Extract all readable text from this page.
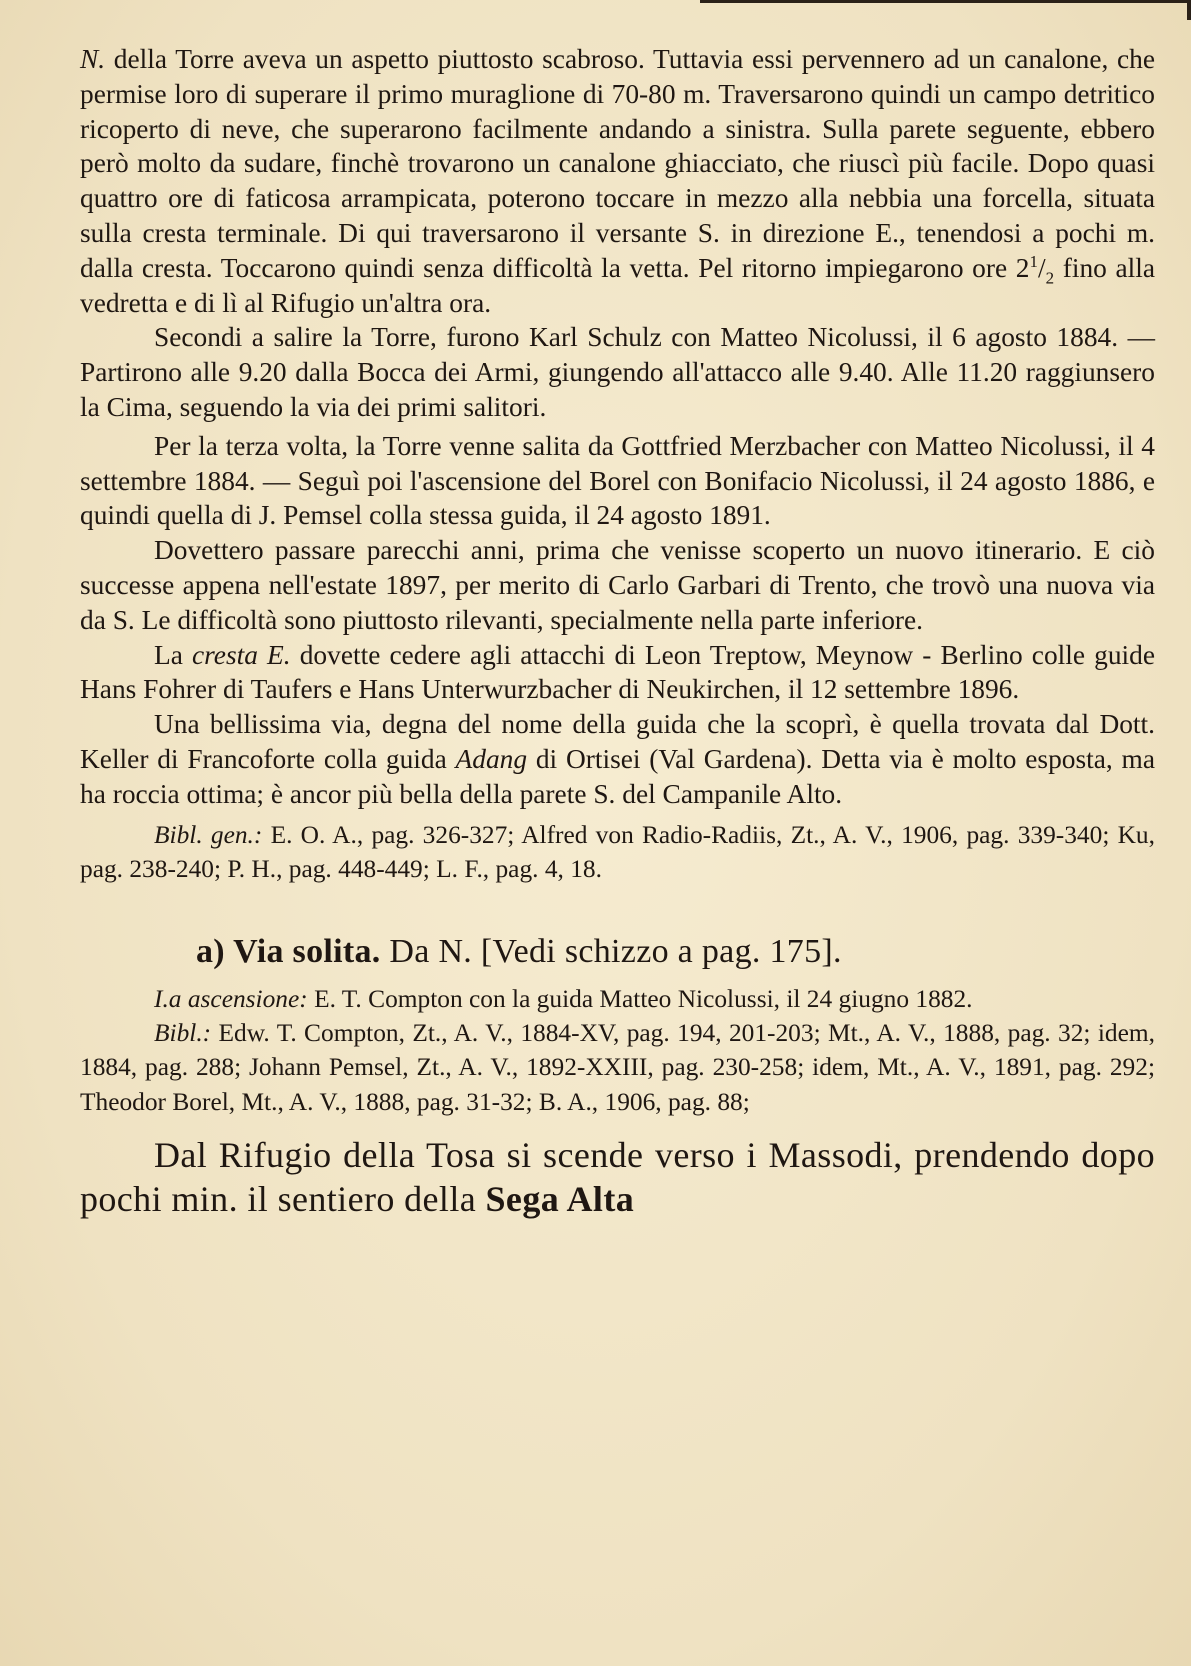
N. della Torre aveva un aspetto piuttosto scabroso. Tuttavia essi pervennero ad un canalone, che permise loro di superare il primo muraglione di 70-80 m. Traversarono quindi un campo detritico ricoperto di neve, che superarono facilmente andando a sinistra. Sulla parete seguente, ebbero però molto da sudare, finchè trovarono un canalone ghiacciato, che riuscì più facile. Dopo quasi quattro ore di faticosa arrampicata, poterono toccare in mezzo alla nebbia una forcella, situata sulla cresta terminale. Di qui traversarono il versante S. in direzione E., tenendosi a pochi m. dalla cresta. Toccarono quindi senza difficoltà la vetta. Pel ritorno impiegarono ore $2^1/_2$ fino alla vedretta e di lì al Rifugio un'altra ora.

Secondi a salire la Torre, furono Karl Schulz con Matteo Nicolussi, il 6 agosto 1884. — Partirono alle 9.20 dalla Bocca dei Armi, giungendo all'attacco alle 9.40. Alle 11.20 raggiunsero la Cima, seguendo la via dei primi salitori.

Per la terza volta, la Torre venne salita da Gottfried Merzbacher con Matteo Nicolussi, il 4 settembre 1884. — Seguì poi l'ascensione del Borel con Bonifacio Nicolussi, il 24 agosto 1886, e quindi quella di J. Pemsel colla stessa guida, il 24 agosto 1891.

Dovettero passare parecchi anni, prima che venisse scoperto un nuovo itinerario. E ciò successe appena nell'estate 1897, per merito di Carlo Garbari di Trento, che trovò una nuova via da S. Le difficoltà sono piuttosto rilevanti, specialmente nella parte inferiore.

La cresta E. dovette cedere agli attacchi di Leon Treptow, Meynow - Berlino colle guide Hans Fohrer di Taufers e Hans Unterwurzbacher di Neukirchen, il 12 settembre 1896.

Una bellissima via, degna del nome della guida che la scoprì, è quella trovata dal Dott. Keller di Francoforte colla guida Adang di Ortisei (Val Gardena). Detta via è molto esposta, ma ha roccia ottima; è ancor più bella della parete S. del Campanile Alto.

Bibl. gen.: E. O. A., pag. 326-327; Alfred von Radio-Radiis, Zt., A. V., 1906, pag. 339-340; Ku, pag. 238-240; P. H., pag. 448-449; L. F., pag. 4, 18.

a) Via solita. Da N. [Vedi schizzo a pag. 175].

I.a ascensione: E. T. Compton con la guida Matteo Nicolussi, il 24 giugno 1882.

Bibl.: Edw. T. Compton, Zt., A. V., 1884-XV, pag. 194, 201-203; Mt., A. V., 1888, pag. 32; idem, 1884, pag. 288; Johann Pemsel, Zt., A. V., 1892-XXIII, pag. 230-258; idem, Mt., A. V., 1891, pag. 292; Theodor Borel, Mt., A. V., 1888, pag. 31-32; B. A., 1906, pag. 88;

Dal Rifugio della Tosa si scende verso i Massodi, prendendo dopo pochi min. il sentiero della Sega Alta
